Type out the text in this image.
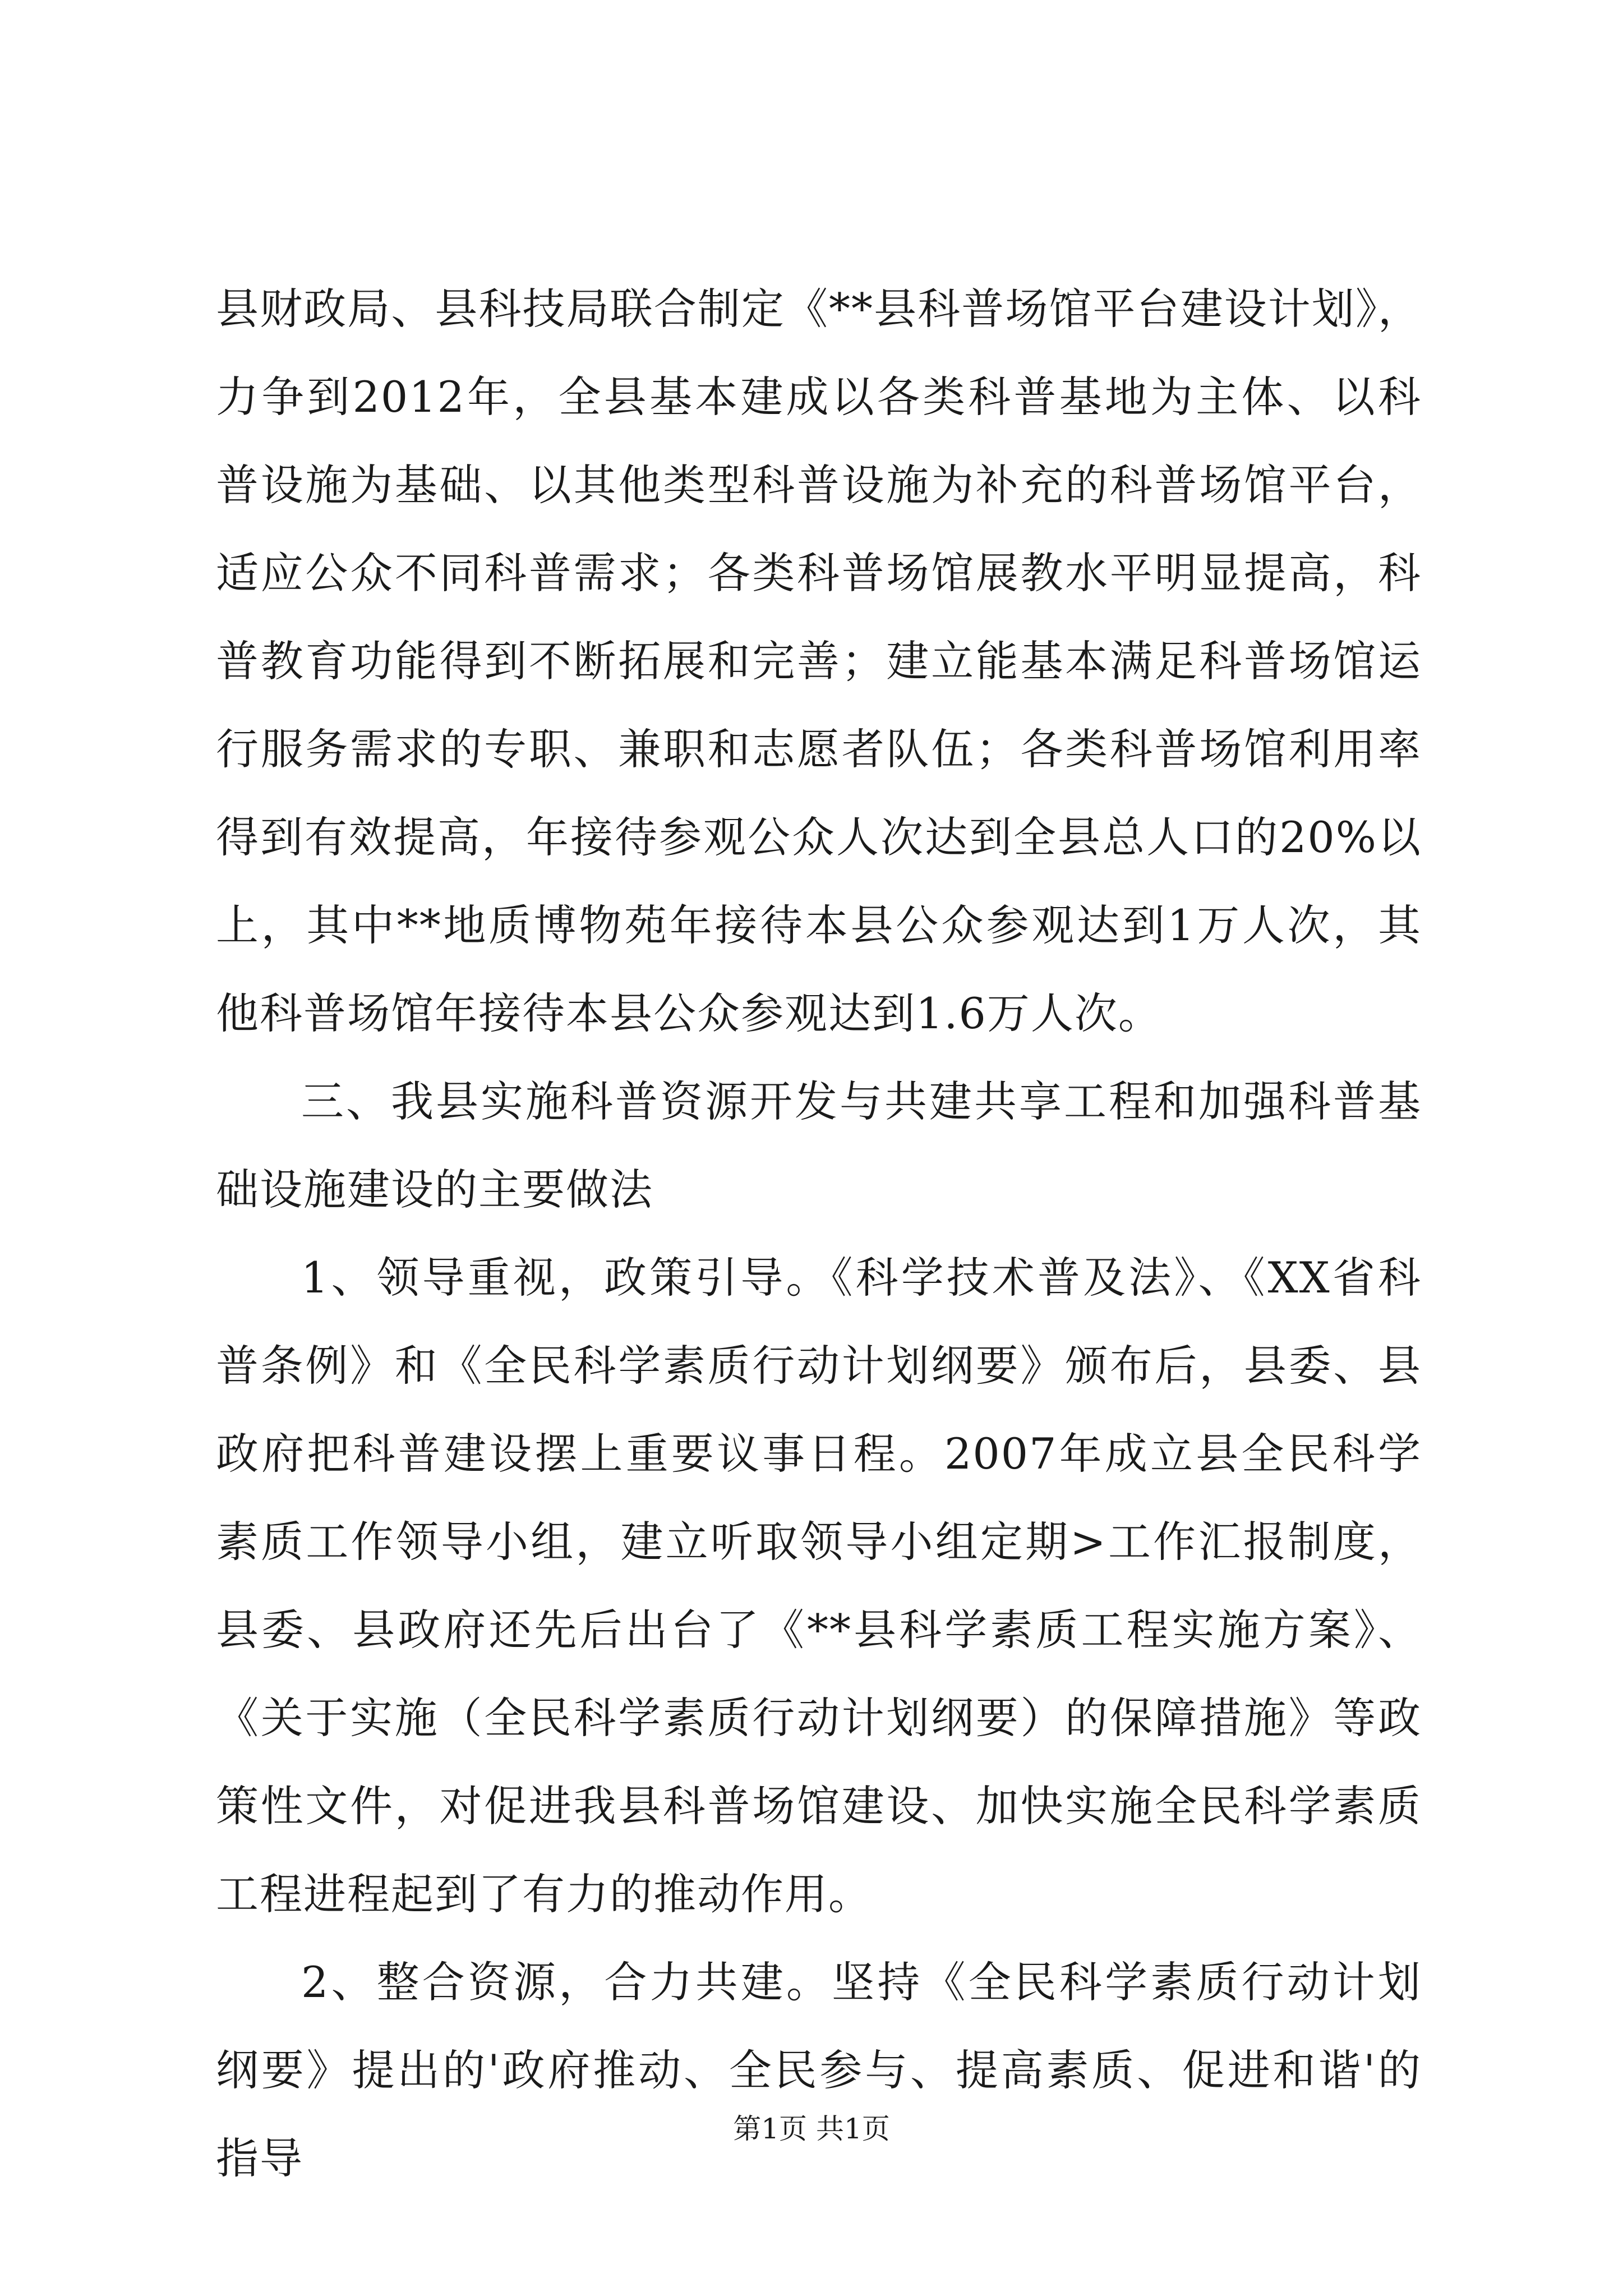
县财政局、县科技局联合制定《**县科普场馆平台建设计划》，力争到2012年，全县基本建成以各类科普基地为主体、以科普设施为基础、以其他类型科普设施为补充的科普场馆平台，适应公众不同科普需求；各类科普场馆展教水平明显提高，科普教育功能得到不断拓展和完善；建立能基本满足科普场馆运行服务需求的专职、兼职和志愿者队伍；各类科普场馆利用率得到有效提高，年接待参观公众人次达到全县总人口的20%以上，其中**地质博物苑年接待本县公众参观达到1万人次，其他科普场馆年接待本县公众参观达到1.6万人次。

三、我县实施科普资源开发与共建共享工程和加强科普基础设施建设的主要做法

1、领导重视，政策引导。《科学技术普及法》、《XX省科普条例》和《全民科学素质行动计划纲要》颁布后，县委、县政府把科普建设摆上重要议事日程。2007年成立县全民科学素质工作领导小组，建立听取领导小组定期>工作汇报制度，县委、县政府还先后出台了《**县科学素质工程实施方案》、《关于实施（全民科学素质行动计划纲要）的保障措施》等政策性文件，对促进我县科普场馆建设、加快实施全民科学素质工程进程起到了有力的推动作用。

2、整合资源，合力共建。坚持《全民科学素质行动计划纲要》提出的'政府推动、全民参与、提高素质、促进和谐'的指导

第1页 共1页
